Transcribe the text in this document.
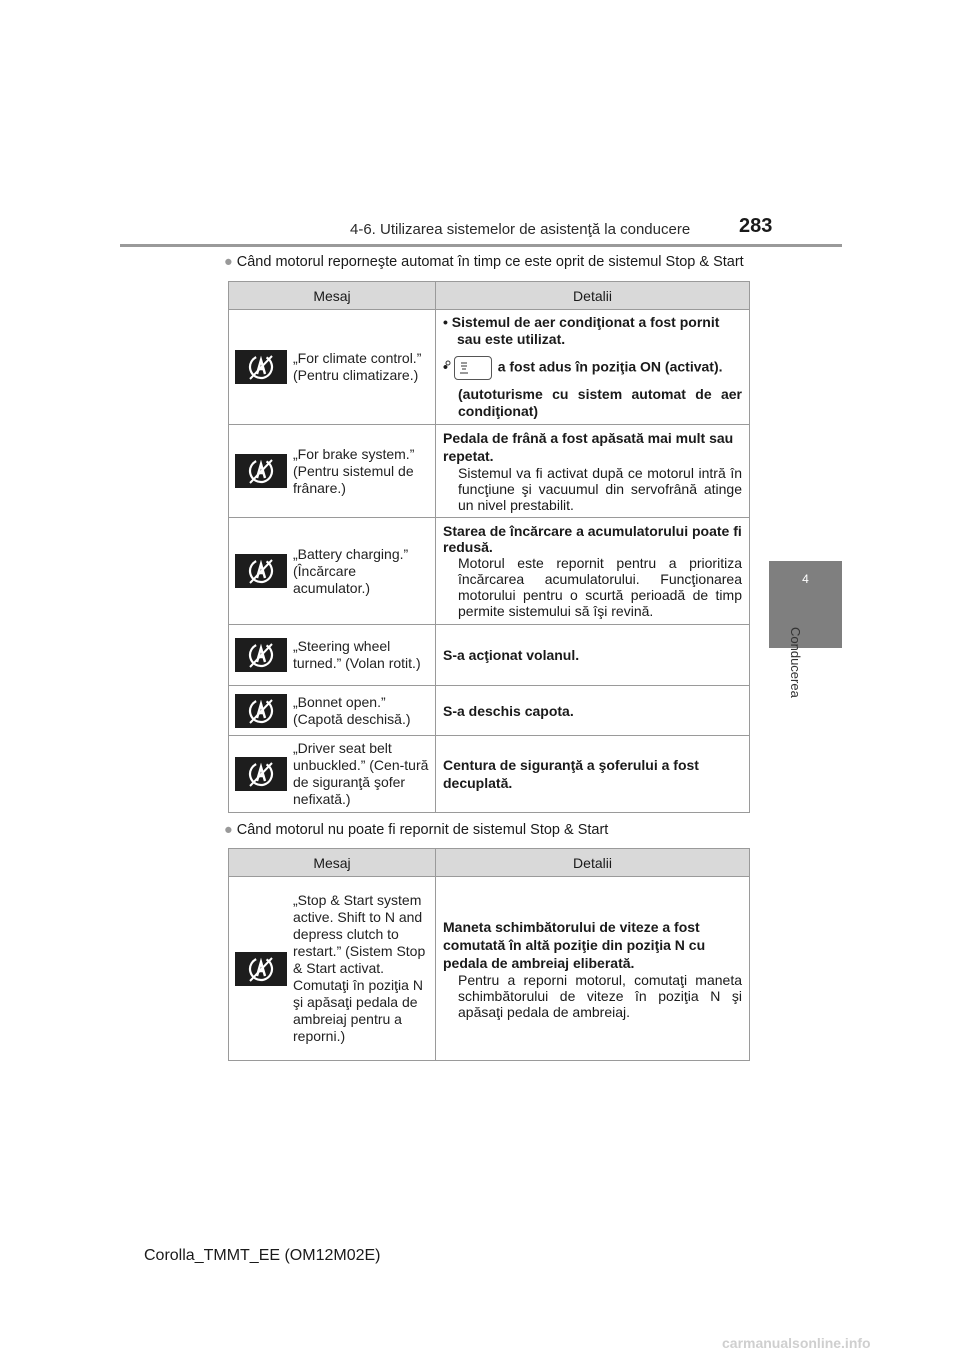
4-6. Utilizarea sistemelor de asistenţă la conducere 283
4
Conducerea
● Când motorul reporneşte automat în timp ce este oprit de sistemul Stop & Start
Mesaj	Detalii

„For climate control.” (Pentru climatizare.)	• Sistemul de aer condiţionat a fost pornit sau este utilizat.

• a fost adus în poziţia ON (activat).

(autoturisme cu sistem automat de aer condiţionat)

„For brake system.” (Pentru sistemul de frânare.)	Pedala de frână a fost apăsată mai mult sau repetat.

Sistemul va fi activat după ce motorul intră în funcţiune şi vacuumul din servofrână atinge un nivel prestabilit.

„Battery charging.” (Încărcare acumulator.)	Starea de încărcare a acumulatorului poate fi redusă.

Motorul este repornit pentru a prioritiza încărcarea acumulatorului. Funcţionarea motorului pentru o scurtă perioadă de timp permite sistemului să îşi revină.

„Steering wheel turned.” (Volan rotit.)	S-a acţionat volanul.

„Bonnet open.” (Capotă deschisă.)	S-a deschis capota.

„Driver seat belt unbuckled.” (Cen-tură de siguranţă şofer nefixată.)	Centura de siguranţă a şoferului a fost decuplată.

● Când motorul nu poate fi repornit de sistemul Stop & Start
Mesaj	Detalii

„Stop & Start system active. Shift to N and depress clutch to restart.” (Sistem Stop & Start activat. Comutaţi în poziţia N şi apăsaţi pedala de ambreiaj pentru a reporni.)	Maneta schimbătorului de viteze a fost comutată în altă poziţie din poziţia N cu pedala de ambreiaj eliberată.

Pentru a reporni motorul, comutaţi maneta schimbătorului de viteze în poziţia N şi apăsaţi pedala de ambreiaj.

Corolla_TMMT_EE (OM12M02E)
carmanualsonline.info
